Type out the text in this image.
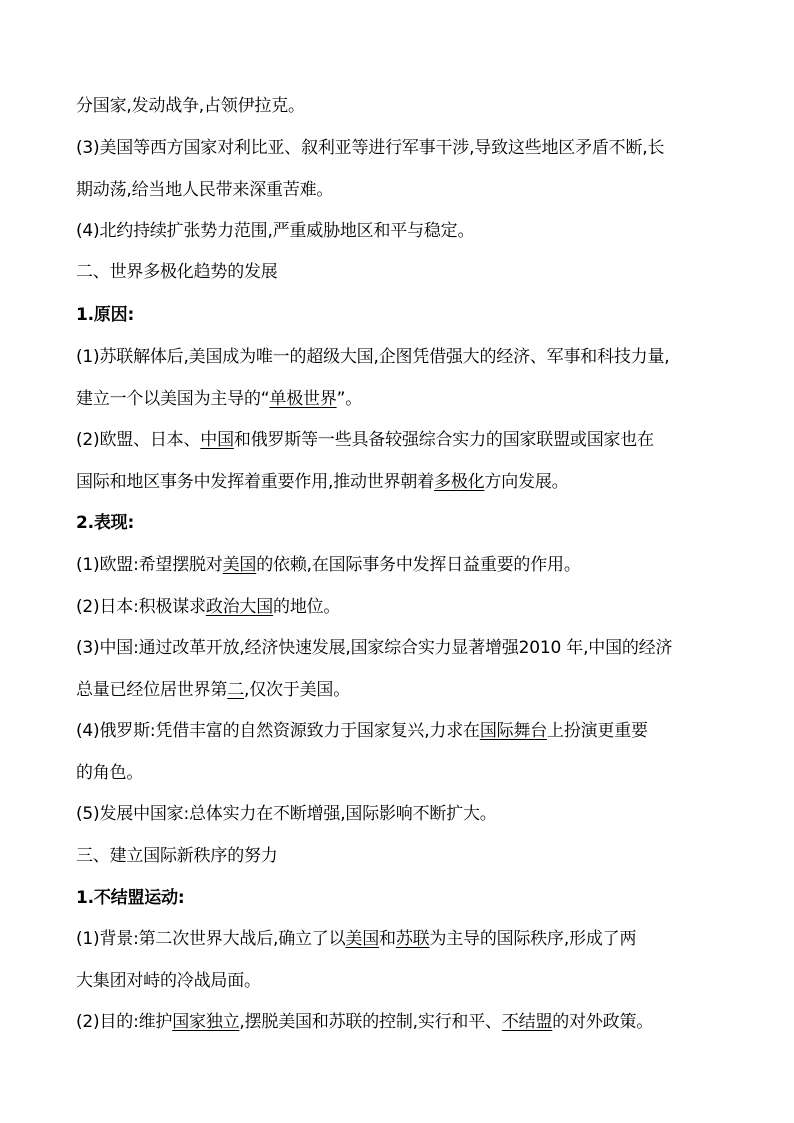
分国家,发动战争,占领伊拉克。
(3)美国等西方国家对利比亚、叙利亚等进行军事干涉,导致这些地区矛盾不断,长
期动荡,给当地人民带来深重苦难。
(4)北约持续扩张势力范围,严重威胁地区和平与稳定。
二、世界多极化趋势的发展
1.原因:
(1)苏联解体后,美国成为唯一的超级大国,企图凭借强大的经济、军事和科技力量,
建立一个以美国为主导的“单极世界”。
(2)欧盟、日本、中国和俄罗斯等一些具备较强综合实力的国家联盟或国家也在
国际和地区事务中发挥着重要作用,推动世界朝着多极化方向发展。
2.表现:
(1)欧盟:希望摆脱对美国的依赖,在国际事务中发挥日益重要的作用。
(2)日本:积极谋求政治大国的地位。
(3)中国:通过改革开放,经济快速发展,国家综合实力显著增强2010 年,中国的经济
总量已经位居世界第二,仅次于美国。
(4)俄罗斯:凭借丰富的自然资源致力于国家复兴,力求在国际舞台上扮演更重要
的角色。
(5)发展中国家:总体实力在不断增强,国际影响不断扩大。
三、建立国际新秩序的努力
1.不结盟运动:
(1)背景:第二次世界大战后,确立了以美国和苏联为主导的国际秩序,形成了两
大集团对峙的冷战局面。
(2)目的:维护国家独立,摆脱美国和苏联的控制,实行和平、不结盟的对外政策。
